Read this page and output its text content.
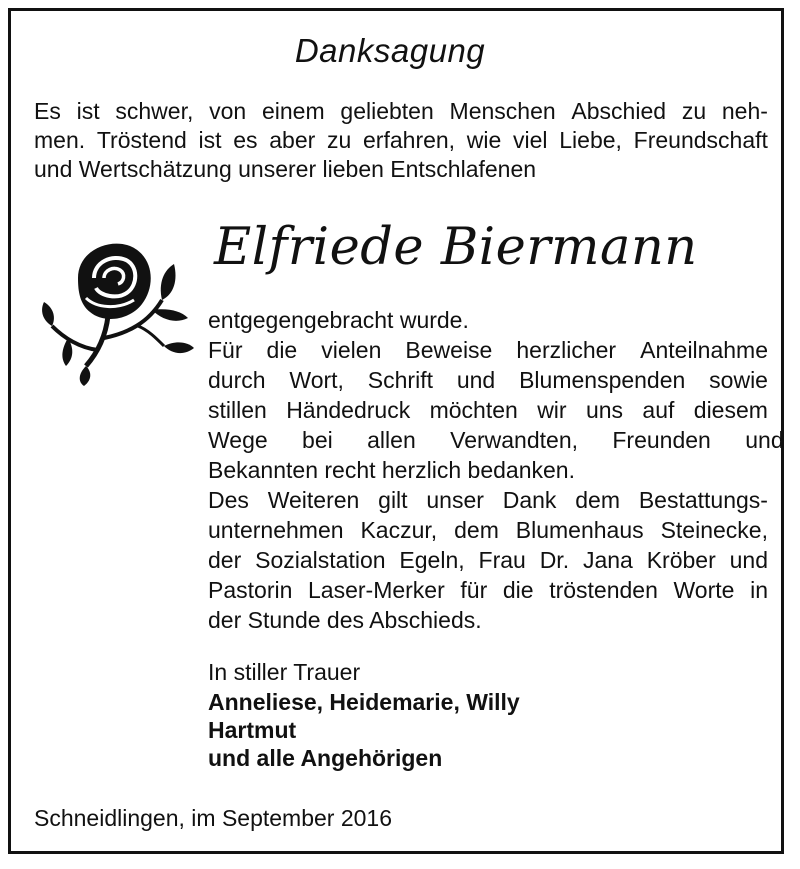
Danksagung
Es ist schwer, von einem geliebten Menschen Abschied zu neh-
men. Tröstend ist es aber zu erfahren, wie viel Liebe, Freundschaft
und Wertschätzung unserer lieben Entschlafenen
Elfriede Biermann
entgegengebracht wurde.
Für die vielen Beweise herzlicher Anteilnahme
durch Wort, Schrift und Blumenspenden sowie
stillen Händedruck möchten wir uns auf diesem
Wege bei allen Verwandten, Freunden und
Bekannten recht herzlich bedanken.
Des Weiteren gilt unser Dank dem Bestattungs-
unternehmen Kaczur, dem Blumenhaus Steinecke,
der Sozialstation Egeln, Frau Dr. Jana Kröber und
Pastorin Laser-Merker für die tröstenden Worte in
der Stunde des Abschieds.
In stiller Trauer
Anneliese, Heidemarie, Willy
Hartmut
und alle Angehörigen
Schneidlingen, im September 2016
